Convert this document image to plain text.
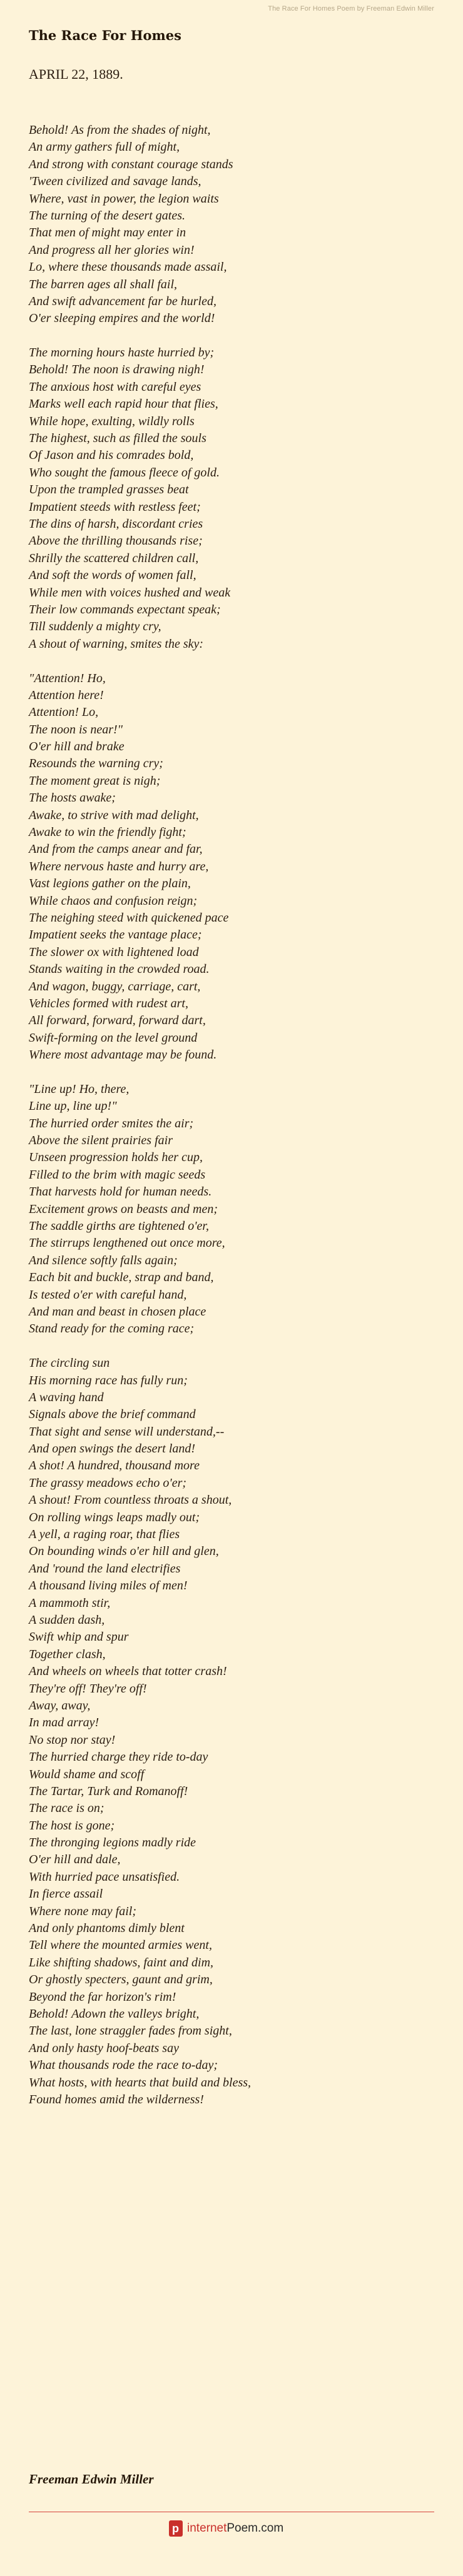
The Race For Homes Poem by Freeman Edwin Miller
The Race For Homes
APRIL 22, 1889.
Behold! As from the shades of night,
An army gathers full of might,
And strong with constant courage stands
'Tween civilized and savage lands,
Where, vast in power, the legion waits
The turning of the desert gates.
That men of might may enter in
And progress all her glories win!
Lo, where these thousands made assail,
The barren ages all shall fail,
And swift advancement far be hurled,
O'er sleeping empires and the world!
The morning hours haste hurried by;
Behold! The noon is drawing nigh!
The anxious host with careful eyes
Marks well each rapid hour that flies,
While hope, exulting, wildly rolls
The highest, such as filled the souls
Of Jason and his comrades bold,
Who sought the famous fleece of gold.
Upon the trampled grasses beat
Impatient steeds with restless feet;
The dins of harsh, discordant cries
Above the thrilling thousands rise;
Shrilly the scattered children call,
And soft the words of women fall,
While men with voices hushed and weak
Their low commands expectant speak;
Till suddenly a mighty cry,
A shout of warning, smites the sky:
"Attention! Ho,
Attention here!
Attention! Lo,
The noon is near!"
O'er hill and brake
Resounds the warning cry;
The moment great is nigh;
The hosts awake;
Awake, to strive with mad delight,
Awake to win the friendly fight;
And from the camps anear and far,
Where nervous haste and hurry are,
Vast legions gather on the plain,
While chaos and confusion reign;
The neighing steed with quickened pace
Impatient seeks the vantage place;
The slower ox with lightened load
Stands waiting in the crowded road.
And wagon, buggy, carriage, cart,
Vehicles formed with rudest art,
All forward, forward, forward dart,
Swift-forming on the level ground
Where most advantage may be found.
"Line up! Ho, there,
Line up, line up!"
The hurried order smites the air;
Above the silent prairies fair
Unseen progression holds her cup,
Filled to the brim with magic seeds
That harvests hold for human needs.
Excitement grows on beasts and men;
The saddle girths are tightened o'er,
The stirrups lengthened out once more,
And silence softly falls again;
Each bit and buckle, strap and band,
Is tested o'er with careful hand,
And man and beast in chosen place
Stand ready for the coming race;
The circling sun
His morning race has fully run;
A waving hand
Signals above the brief command
That sight and sense will understand,--
And open swings the desert land!
A shot! A hundred, thousand more
The grassy meadows echo o'er;
A shout! From countless throats a shout,
On rolling wings leaps madly out;
A yell, a raging roar, that flies
On bounding winds o'er hill and glen,
And 'round the land electrifies
A thousand living miles of men!
A mammoth stir,
A sudden dash,
Swift whip and spur
Together clash,
And wheels on wheels that totter crash!
They're off! They're off!
Away, away,
In mad array!
No stop nor stay!
The hurried charge they ride to-day
Would shame and scoff
The Tartar, Turk and Romanoff!
The race is on;
The host is gone;
The thronging legions madly ride
O'er hill and dale,
With hurried pace unsatisfied.
In fierce assail
Where none may fail;
And only phantoms dimly blent
Tell where the mounted armies went,
Like shifting shadows, faint and dim,
Or ghostly specters, gaunt and grim,
Beyond the far horizon's rim!
Behold! Adown the valleys bright,
The last, lone straggler fades from sight,
And only hasty hoof-beats say
What thousands rode the race to-day;
What hosts, with hearts that build and bless,
Found homes amid the wilderness!
Freeman Edwin Miller
p internetPoem.com
